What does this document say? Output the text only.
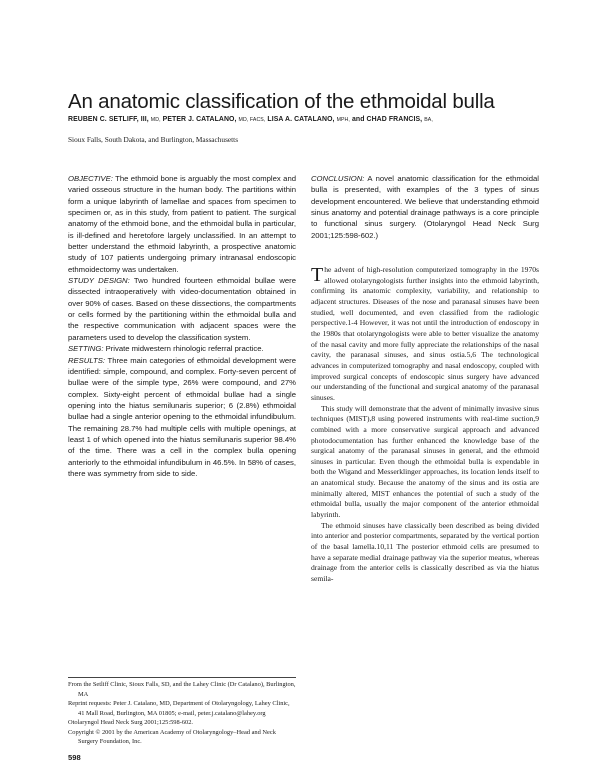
An anatomic classification of the ethmoidal bulla
REUBEN C. SETLIFF, III, MD, PETER J. CATALANO, MD, FACS, LISA A. CATALANO, MPH, and CHAD FRANCIS, BA,
Sioux Falls, South Dakota, and Burlington, Massachusetts

OBJECTIVE: The ethmoid bone is arguably the most complex and varied osseous structure in the human body. The partitions within form a unique labyrinth of lamellae and spaces from specimen to specimen or, as in this study, from patient to patient. The surgical anatomy of the ethmoid bone, and the ethmoidal bulla in particular, is ill-defined and heretofore largely unclassified. In an attempt to better understand the ethmoid labyrinth, a prospective anatomic study of 107 patients undergoing primary intranasal endoscopic ethmoidectomy was undertaken.

STUDY DESIGN: Two hundred fourteen ethmoidal bullae were dissected intraoperatively with video-documentation obtained in over 90% of cases. Based on these dissections, the compartments or cells formed by the partitioning within the ethmoidal bulla and the respective communication with adjacent spaces were the parameters used to develop the classification system.

SETTING: Private midwestern rhinologic referral practice.

RESULTS: Three main categories of ethmoidal development were identified: simple, compound, and complex. Forty-seven percent of bullae were of the simple type, 26% were compound, and 27% complex. Sixty-eight percent of ethmoidal bullae had a single opening into the hiatus semilunaris superior; 6 (2.8%) ethmoidal bullae had a single anterior opening to the ethmoidal infundibulum. The remaining 28.7% had multiple cells with multiple openings, at least 1 of which opened into the hiatus semilunaris superior 98.4% of the time. There was a cell in the complex bulla opening anteriorly to the ethmoidal infundibulum in 46.5%. In 58% of cases, there was symmetry from side to side.

CONCLUSION: A novel anatomic classification for the ethmoidal bulla is presented, with examples of the 3 types of sinus development encountered. We believe that understanding ethmoid sinus anatomy and potential drainage pathways is a core principle to functional sinus surgery. (Otolaryngol Head Neck Surg 2001;125:598-602.)

The advent of high-resolution computerized tomography in the 1970s allowed otolaryngologists further insights into the ethmoid labyrinth, confirming its anatomic complexity, variability, and relationship to adjacent structures. Diseases of the nose and paranasal sinuses have been studied, well documented, and even classified from the radiologic perspective.1-4 However, it was not until the introduction of endoscopy in the 1980s that otolaryngologists were able to better visualize the anatomy of the nasal cavity and more fully appreciate the relationships of the nasal cavity, the paranasal sinuses, and sinus ostia.5,6 The technological advances in computerized tomography and nasal endoscopy, coupled with improved surgical concepts of endoscopic sinus surgery have advanced our understanding of the functional and surgical anatomy of the paranasal sinuses.

This study will demonstrate that the advent of minimally invasive sinus techniques (MIST),8 using powered instruments with real-time suction,9 combined with a more conservative surgical approach and advanced photodocumentation has further enhanced the knowledge base of the surgical anatomy of the paranasal sinuses in general, and the ethmoid sinuses in particular. Even though the ethmoidal bulla is expendable in both the Wigand and Messerklinger approaches, its location lends itself to an anatomical study. Because the anatomy of the sinus and its ostia are minimally altered, MIST enhances the potential of such a study of the ethmoidal bulla, usually the major component of the anterior ethmoidal labyrinth.

The ethmoid sinuses have classically been described as being divided into anterior and posterior compartments, separated by the vertical portion of the basal lamella.10,11 The posterior ethmoid cells are presumed to have a separate medial drainage pathway via the superior meatus, whereas drainage from the anterior cells is classically described as via the hiatus semila-

From the Setliff Clinic, Sioux Falls, SD, and the Lahey Clinic (Dr Catalano), Burlington, MA
Reprint requests: Peter J. Catalano, MD, Department of Otolaryngology, Lahey Clinic, 41 Mall Road, Burlington, MA 01805; e-mail, peter.j.catalano@lahey.org
Otolaryngol Head Neck Surg 2001;125:598-602.
Copyright © 2001 by the American Academy of Otolaryngology–Head and Neck Surgery Foundation, Inc.
598
